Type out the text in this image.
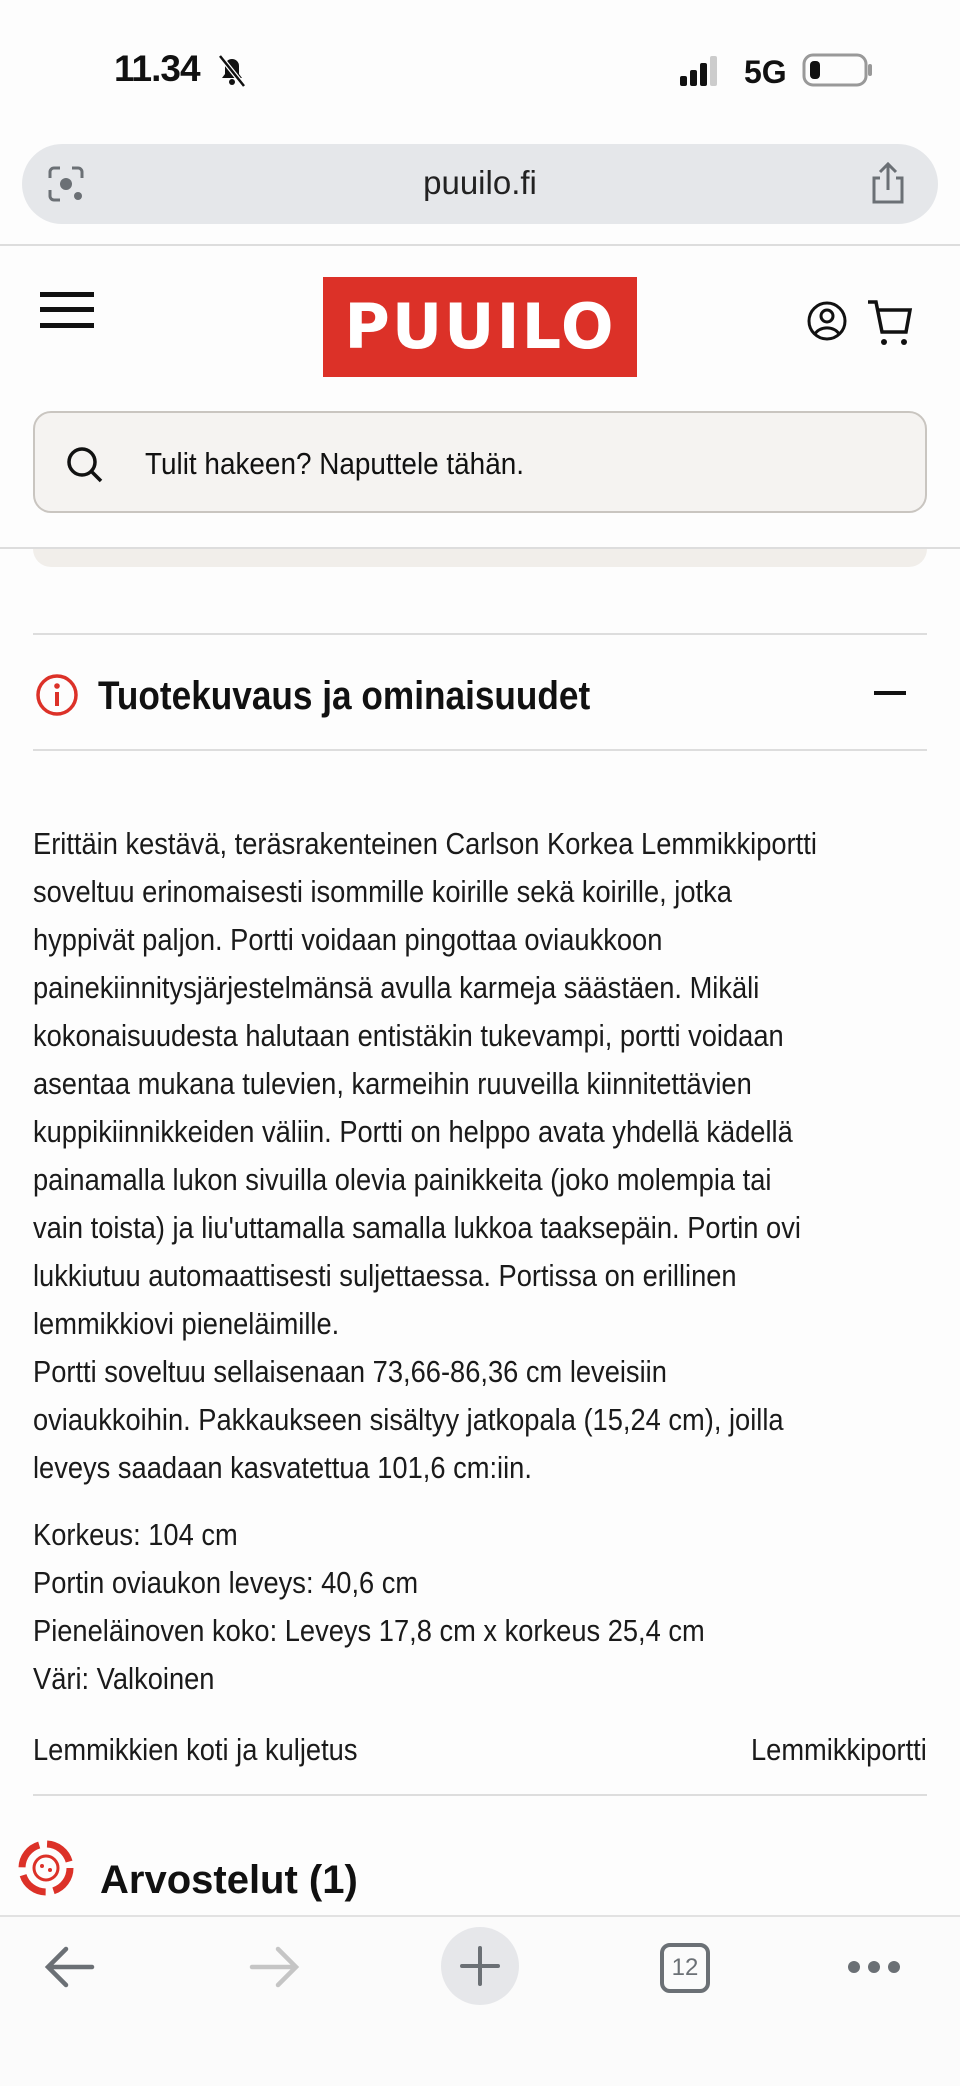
11.34	5G
puuilo.fi
PUUILO
Tulit hakeen? Naputtele tähän.
Tuotekuvaus ja ominaisuudet
Erittäin kestävä, teräsrakenteinen Carlson Korkea Lemmikkiportti
soveltuu erinomaisesti isommille koirille sekä koirille, jotka
hyppivät paljon. Portti voidaan pingottaa oviaukkoon
painekiinnitysjärjestelmänsä avulla karmeja säästäen. Mikäli
kokonaisuudesta halutaan entistäkin tukevampi, portti voidaan
asentaa mukana tulevien, karmeihin ruuveilla kiinnitettävien
kuppikiinnikkeiden väliin. Portti on helppo avata yhdellä kädellä
painamalla lukon sivuilla olevia painikkeita (joko molempia tai
vain toista) ja liu'uttamalla samalla lukkoa taaksepäin. Portin ovi
lukkiutuu automaattisesti suljettaessa. Portissa on erillinen
lemmikkiovi pieneläimille.
Portti soveltuu sellaisenaan 73,66-86,36 cm leveisiin
oviaukkoihin. Pakkaukseen sisältyy jatkopala (15,24 cm), joilla
leveys saadaan kasvatettua 101,6 cm:iin.
Korkeus: 104 cm
Portin oviaukon leveys: 40,6 cm
Pieneläinoven koko: Leveys 17,8 cm x korkeus 25,4 cm
Väri: Valkoinen
Lemmikkien koti ja kuljetus	Lemmikkiportti
Arvostelut (1)
12
